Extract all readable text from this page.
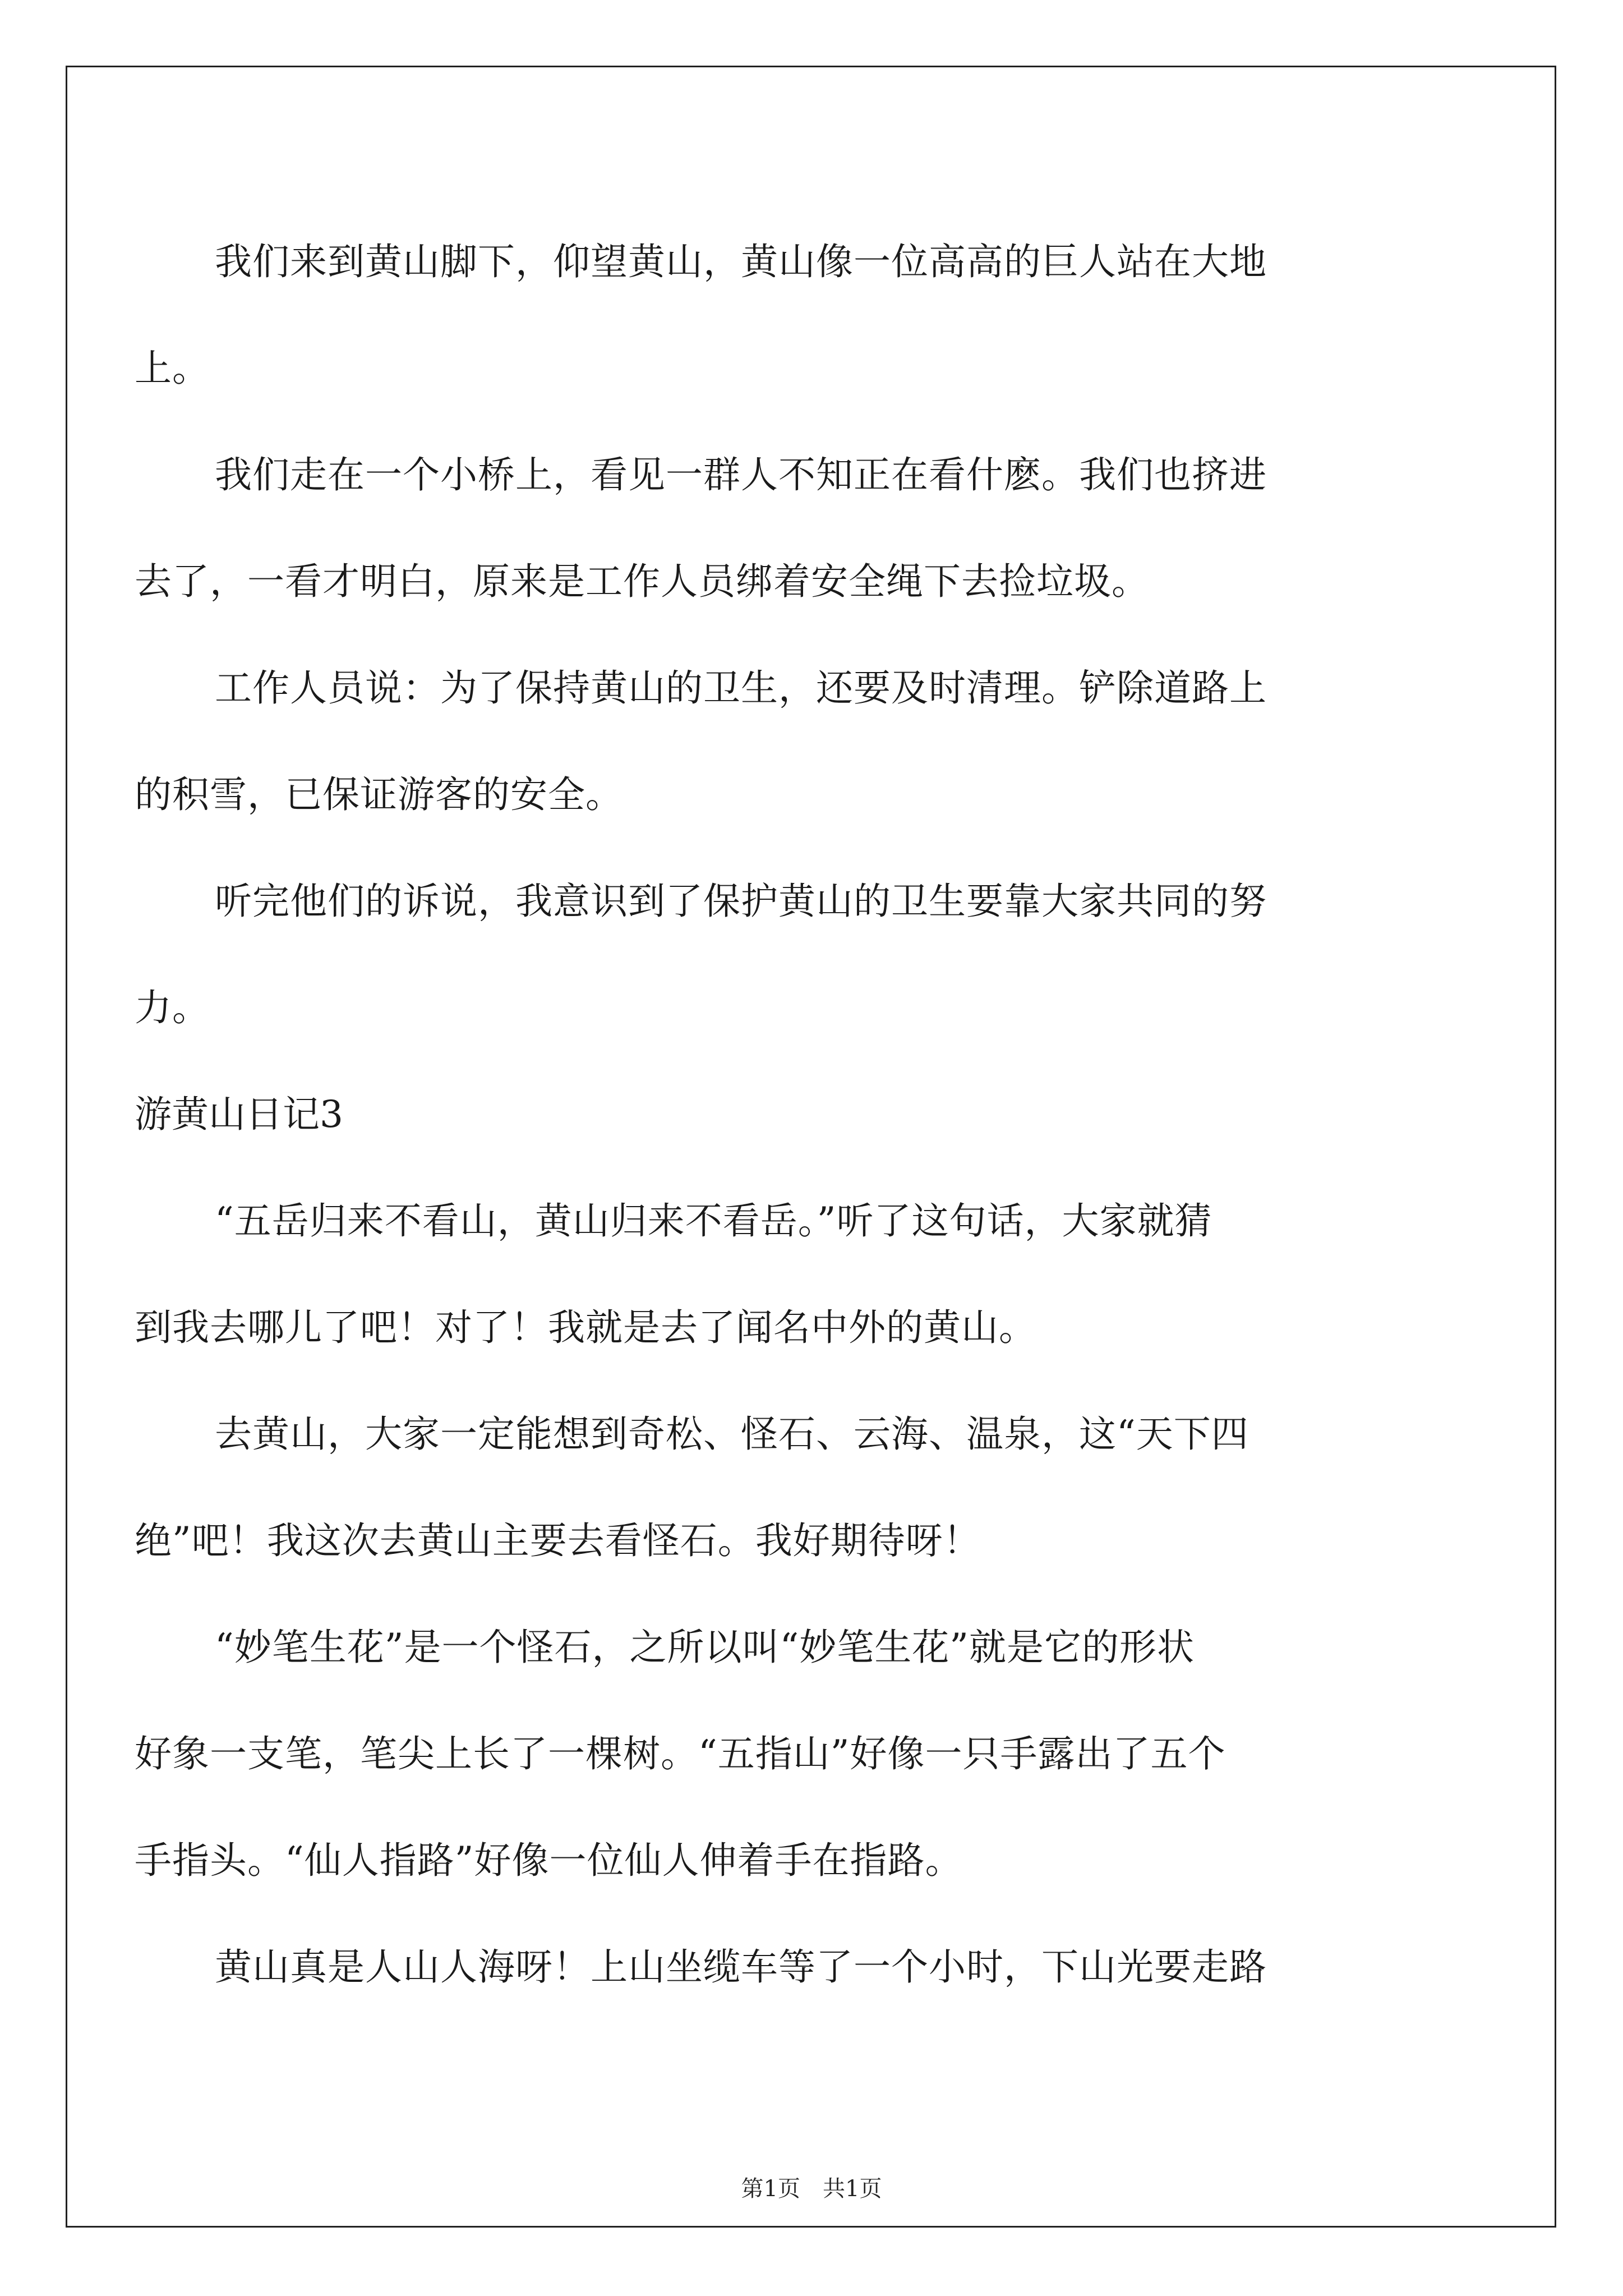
我们来到黄山脚下，仰望黄山，黄山像一位高高的巨人站在大地
上。
我们走在一个小桥上，看见一群人不知正在看什麽。我们也挤进
去了，一看才明白，原来是工作人员绑着安全绳下去捡垃圾。
工作人员说：为了保持黄山的卫生，还要及时清理。铲除道路上
的积雪，已保证游客的安全。
听完他们的诉说，我意识到了保护黄山的卫生要靠大家共同的努
力。
游黄山日记3
“五岳归来不看山，黄山归来不看岳。”听了这句话，大家就猜
到我去哪儿了吧！对了！我就是去了闻名中外的黄山。
去黄山，大家一定能想到奇松、怪石、云海、温泉，这“天下四
绝”吧！我这次去黄山主要去看怪石。我好期待呀！
“妙笔生花”是一个怪石，之所以叫“妙笔生花”就是它的形状
好象一支笔，笔尖上长了一棵树。“五指山”好像一只手露出了五个
手指头。“仙人指路”好像一位仙人伸着手在指路。
黄山真是人山人海呀！上山坐缆车等了一个小时，下山光要走路
第1页　共1页
